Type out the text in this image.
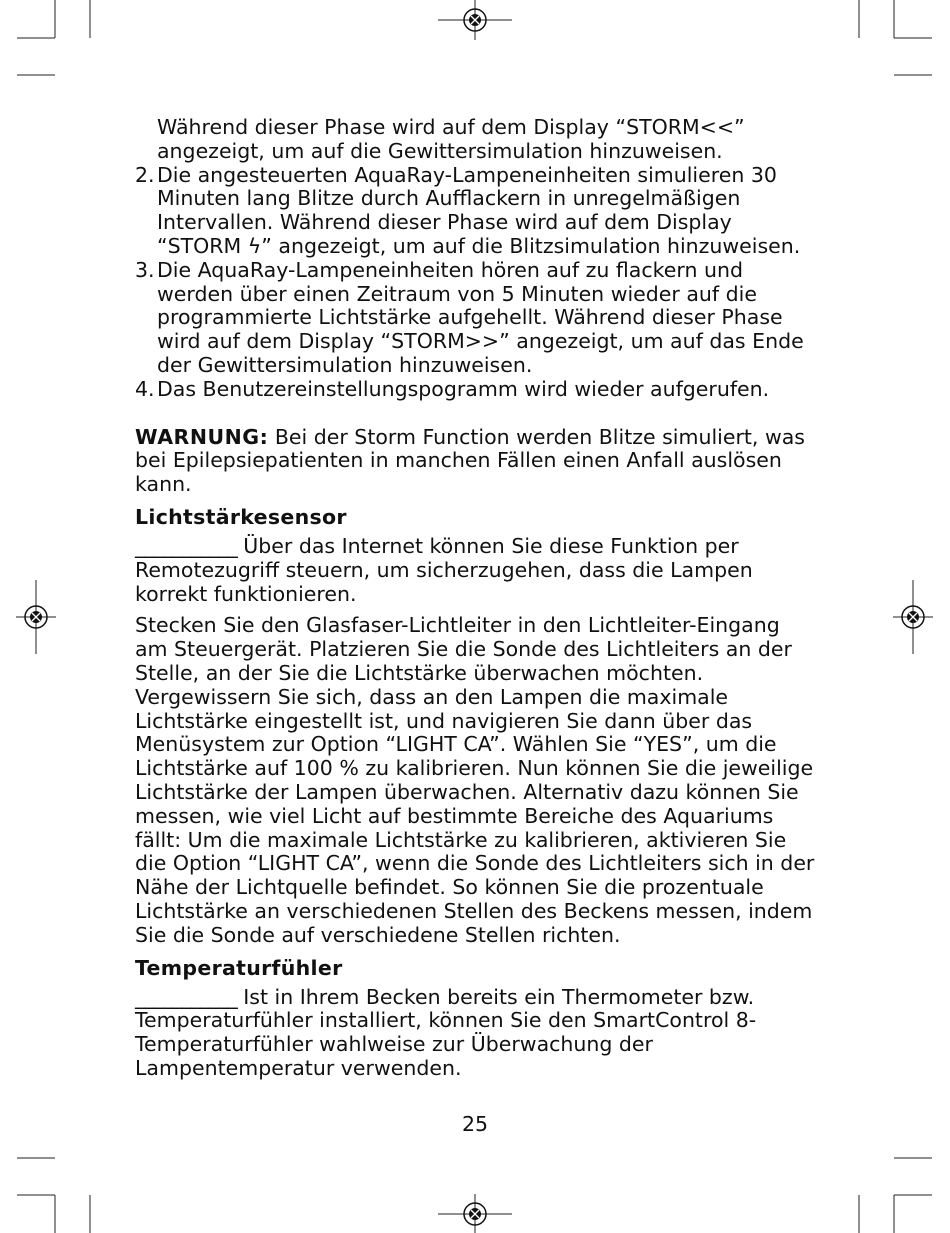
Während dieser Phase wird auf dem Display “STORM<<”

angezeigt, um auf die Gewittersimulation hinzuweisen.

2. Die angesteuerten AquaRay-Lampeneinheiten simulieren 30 Minuten lang Blitze durch Aufflackern in unregelmäßigen Intervallen. Während dieser Phase wird auf dem Display “STORM ϟ” angezeigt, um auf die Blitzsimulation hinzuweisen.
3. Die AquaRay-Lampeneinheiten hören auf zu flackern und werden über einen Zeitraum von 5 Minuten wieder auf die programmierte Lichtstärke aufgehellt. Während dieser Phase wird auf dem Display “STORM>>” angezeigt, um auf das Ende der Gewittersimulation hinzuweisen.
4. Das Benutzereinstellungspogramm wird wieder aufgerufen.

WARNUNG: Bei der Storm Function werden Blitze simuliert, was bei Epilepsiepatienten in manchen Fällen einen Anfall auslösen kann.

Lichtstärkesensor

___________ Über das Internet können Sie diese Funktion per Remotezugriff steuern, um sicherzugehen, dass die Lampen korrekt funktionieren.

Stecken Sie den Glasfaser-Lichtleiter in den Lichtleiter-Eingang am Steuergerät. Platzieren Sie die Sonde des Lichtleiters an der Stelle, an der Sie die Lichtstärke überwachen möchten. Vergewissern Sie sich, dass an den Lampen die maximale Lichtstärke eingestellt ist, und navigieren Sie dann über das Menüsystem zur Option “LIGHT CA”. Wählen Sie “YES”, um die Lichtstärke auf 100 % zu kalibrieren. Nun können Sie die jeweilige Lichtstärke der Lampen überwachen. Alternativ dazu können Sie messen, wie viel Licht auf bestimmte Bereiche des Aquariums fällt: Um die maximale Lichtstärke zu kalibrieren, aktivieren Sie die Option “LIGHT CA”, wenn die Sonde des Lichtleiters sich in der Nähe der Lichtquelle befindet. So können Sie die prozentuale Lichtstärke an verschiedenen Stellen des Beckens messen, indem Sie die Sonde auf verschiedene Stellen richten.

Temperaturfühler

___________ Ist in Ihrem Becken bereits ein Thermometer bzw. Temperaturfühler installiert, können Sie den SmartControl 8-Temperaturfühler wahlweise zur Überwachung der Lampentemperatur verwenden.

25
